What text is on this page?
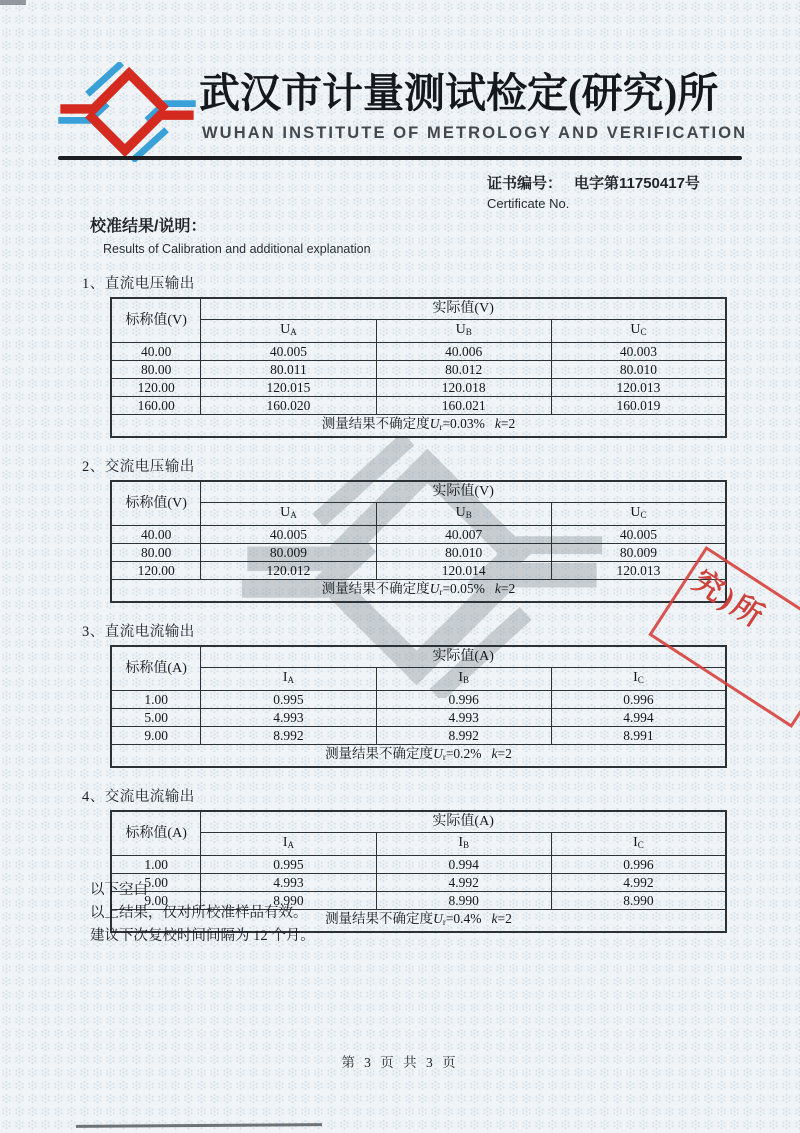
武汉市计量测试检定(研究)所
WUHAN INSTITUTE OF METROLOGY AND VERIFICATION
证书编号： 电字第11750417号
Certificate No.
校准结果/说明：
Results of Calibration and additional explanation
1、直流电压输出
标称值(V)	实际值(V)		
	$U_A$	$U_B$	$U_C$
40.00	40.005	40.006	40.003
80.00	80.011	80.012	80.010
120.00	120.015	120.018	120.013
160.00	160.020	160.021	160.019
测量结果不确定度$U_r=0.03\%$ k=2			
2、交流电压输出
标称值(V)	实际值(V)		
	$U_A$	$U_B$	$U_C$
40.00	40.005	40.007	40.005
80.00	80.009	80.010	80.009
120.00	120.012	120.014	120.013
测量结果不确定度$U_r=0.05\%$ k=2			
3、直流电流输出
标称值(A)	实际值(A)		
	$I_A$	$I_B$	$I_C$
1.00	0.995	0.996	0.996
5.00	4.993	4.993	4.994
9.00	8.992	8.992	8.991
测量结果不确定度$U_r=0.2\%$ k=2			
4、交流电流输出
标称值(A)	实际值(A)		
	$I_A$	$I_B$	$I_C$
1.00	0.995	0.994	0.996
5.00	4.993	4.992	4.992
9.00	8.990	8.990	8.990
测量结果不确定度$U_r=0.4\%$ k=2			
究)所
以下空白
以上结果，仅对所校准样品有效。
建议下次复校时间间隔为 12 个月。
第 3 页 共 3 页
